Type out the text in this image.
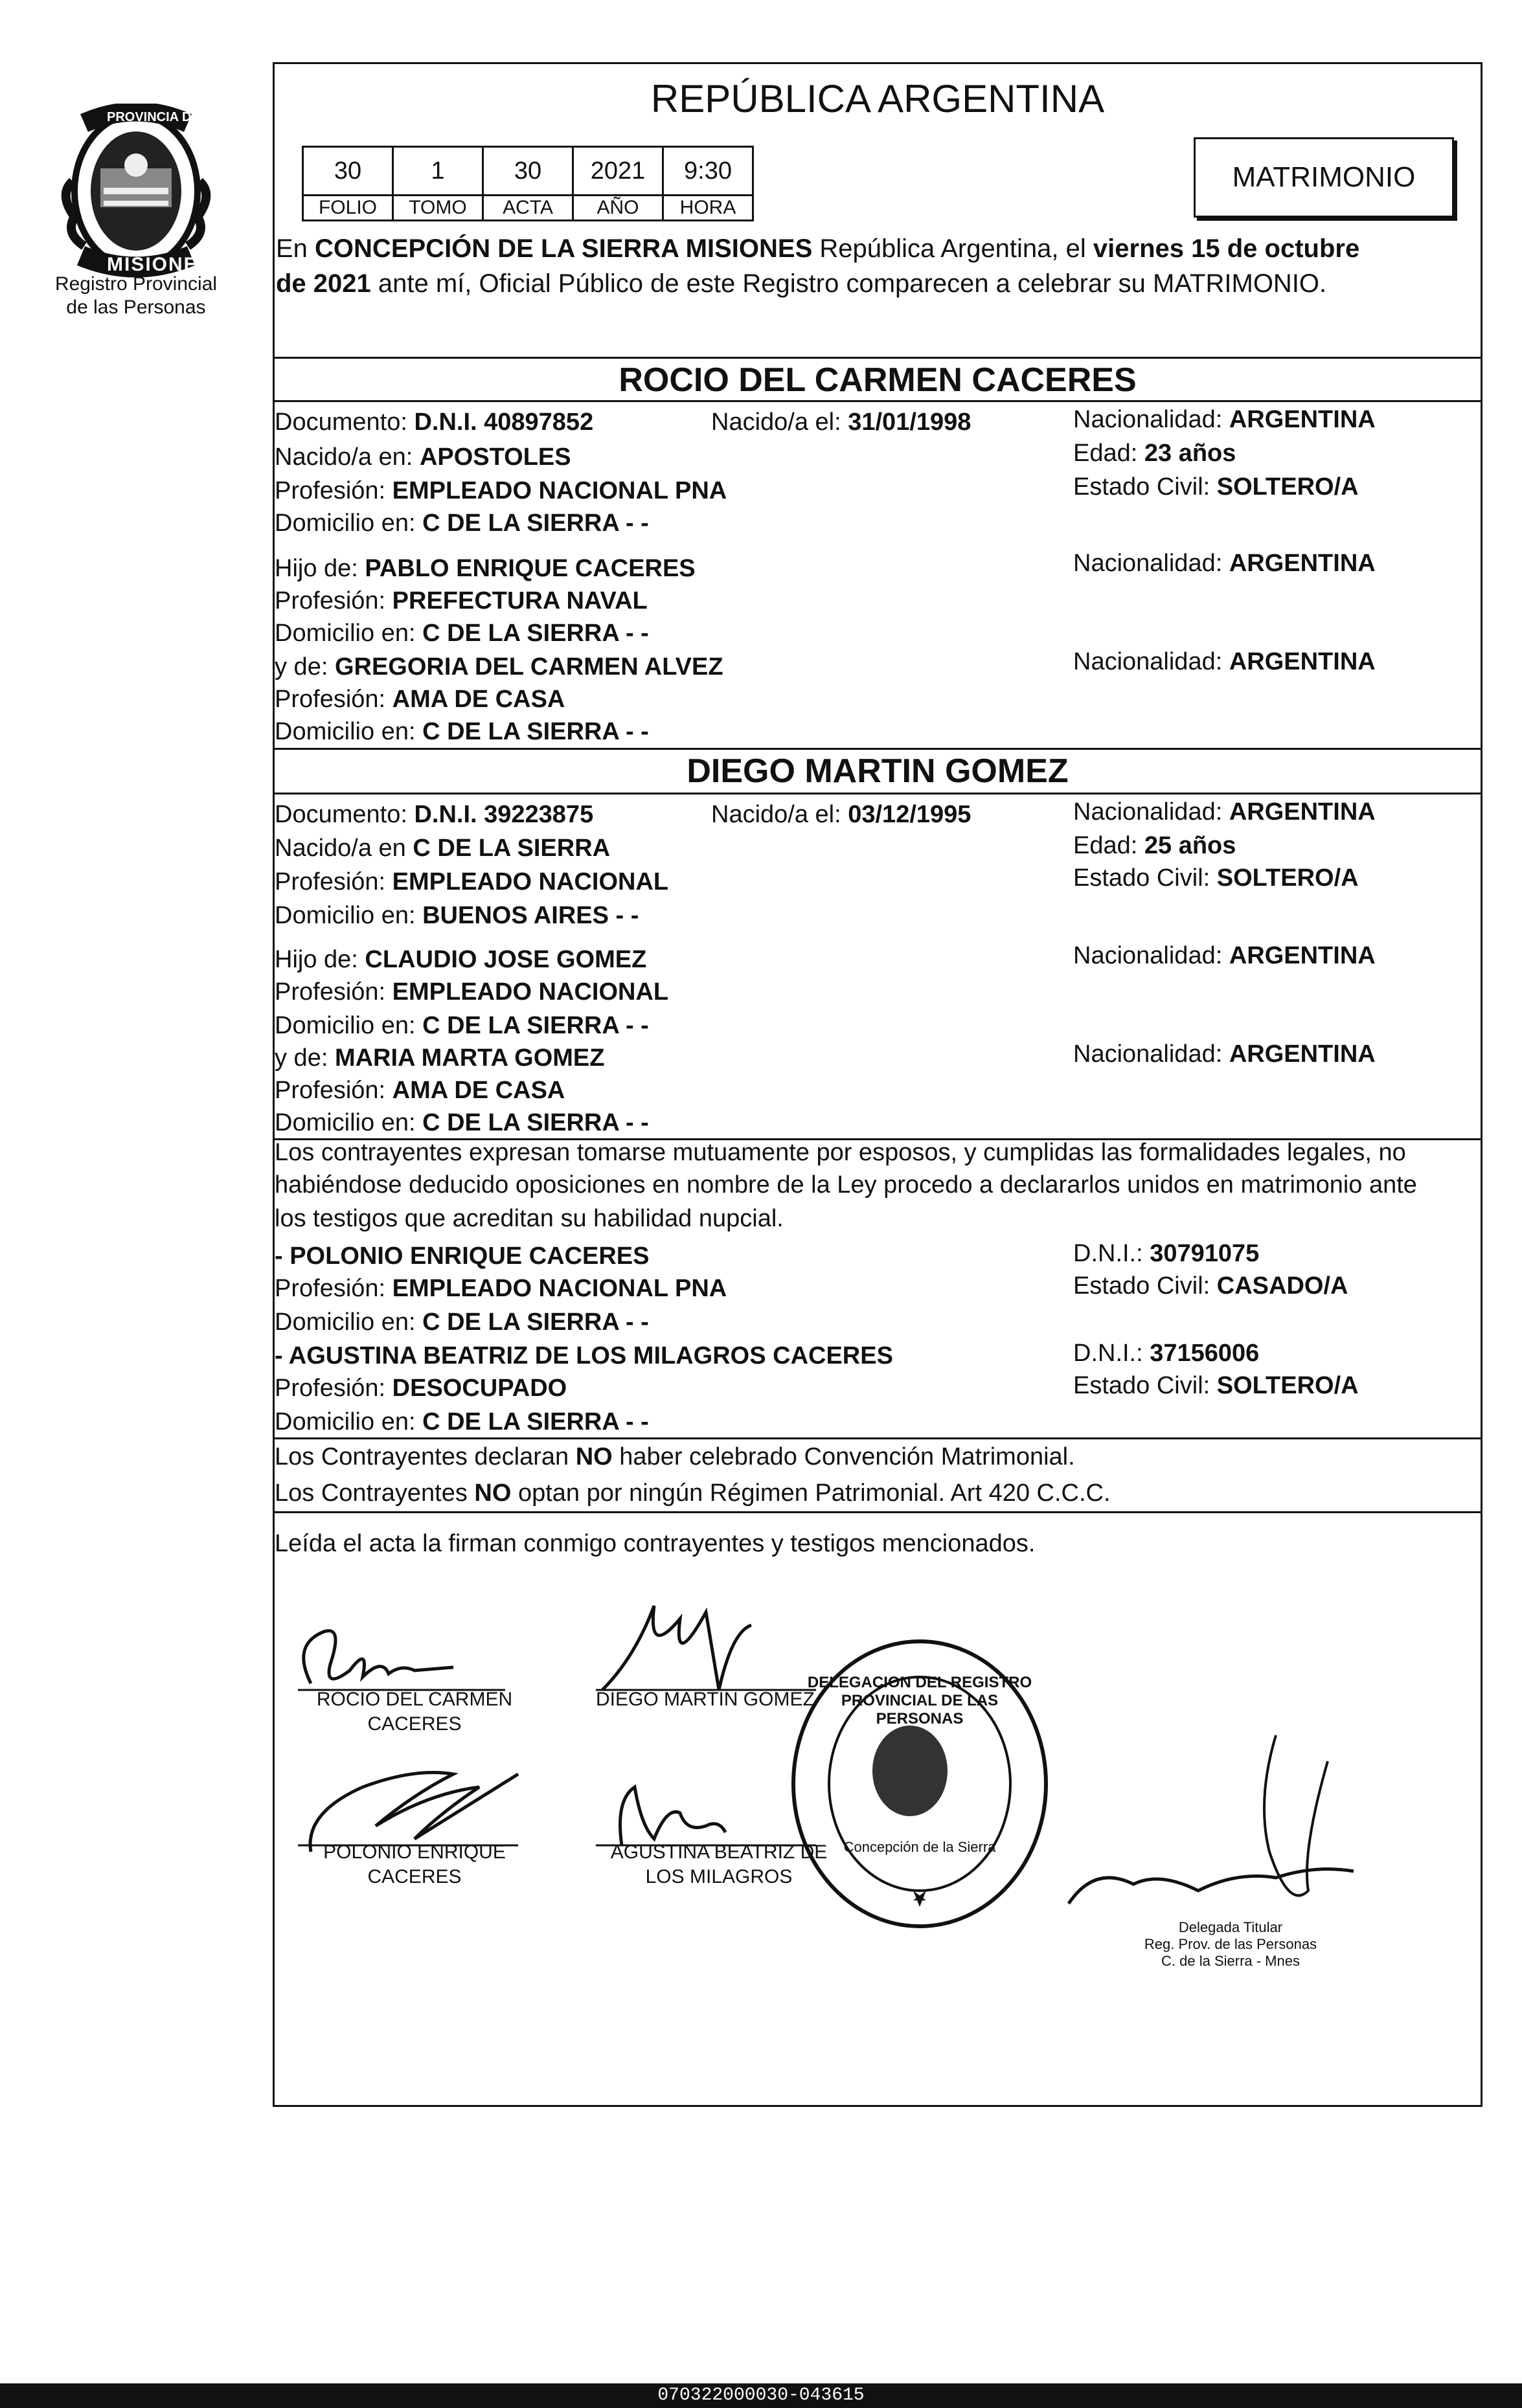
PROVINCIA DE
MISIONES
Registro Provincial
de las Personas
REPÚBLICA ARGENTINA
30	1	30	2021	9:30
FOLIO	TOMO	ACTA	AÑO	HORA
MATRIMONIO
En CONCEPCIÓN DE LA SIERRA MISIONES República Argentina, el viernes 15 de octubre
de 2021 ante mí, Oficial Público de este Registro comparecen a celebrar su MATRIMONIO.
ROCIO DEL CARMEN CACERES
Documento: D.N.I. 40897852	Nacido/a el: 31/01/1998	Nacionalidad: ARGENTINA
Nacido/a en: APOSTOLES	Edad: 23 años
Profesión: EMPLEADO NACIONAL PNA	Estado Civil: SOLTERO/A
Domicilio en: C DE LA SIERRA - -
Hijo de: PABLO ENRIQUE CACERES	Nacionalidad: ARGENTINA
Profesión: PREFECTURA NAVAL
Domicilio en: C DE LA SIERRA - -
y de: GREGORIA DEL CARMEN ALVEZ	Nacionalidad: ARGENTINA
Profesión: AMA DE CASA
Domicilio en: C DE LA SIERRA - -
DIEGO MARTIN GOMEZ
Documento: D.N.I. 39223875	Nacido/a el: 03/12/1995	Nacionalidad: ARGENTINA
Nacido/a en C DE LA SIERRA	Edad: 25 años
Profesión: EMPLEADO NACIONAL	Estado Civil: SOLTERO/A
Domicilio en: BUENOS AIRES - -
Hijo de: CLAUDIO JOSE GOMEZ	Nacionalidad: ARGENTINA
Profesión: EMPLEADO NACIONAL
Domicilio en: C DE LA SIERRA - -
y de: MARIA MARTA GOMEZ	Nacionalidad: ARGENTINA
Profesión: AMA DE CASA
Domicilio en: C DE LA SIERRA - -
Los contrayentes expresan tomarse mutuamente por esposos, y cumplidas las formalidades legales, no
habiéndose deducido oposiciones en nombre de la Ley procedo a declararlos unidos en matrimonio ante
los testigos que acreditan su habilidad nupcial.
- POLONIO ENRIQUE CACERES	D.N.I.: 30791075
Profesión: EMPLEADO NACIONAL PNA	Estado Civil: CASADO/A
Domicilio en: C DE LA SIERRA - -
- AGUSTINA BEATRIZ DE LOS MILAGROS CACERES	D.N.I.: 37156006
Profesión: DESOCUPADO	Estado Civil: SOLTERO/A
Domicilio en: C DE LA SIERRA - -
Los Contrayentes declaran NO haber celebrado Convención Matrimonial.
Los Contrayentes NO optan por ningún Régimen Patrimonial. Art 420 C.C.C.
Leída el acta la firman conmigo contrayentes y testigos mencionados.
ROCIO DEL CARMEN
CACERES
DIEGO MARTIN GOMEZ
POLONIO ENRIQUE
CACERES
AGUSTINA BEATRIZ DE
LOS MILAGROS
DELEGACION DEL REGISTRO PROVINCIAL DE LAS PERSONAS
Concepción de la Sierra
Delegada Titular
Reg. Prov. de las Personas
C. de la Sierra - Mnes
070322000030-043615
